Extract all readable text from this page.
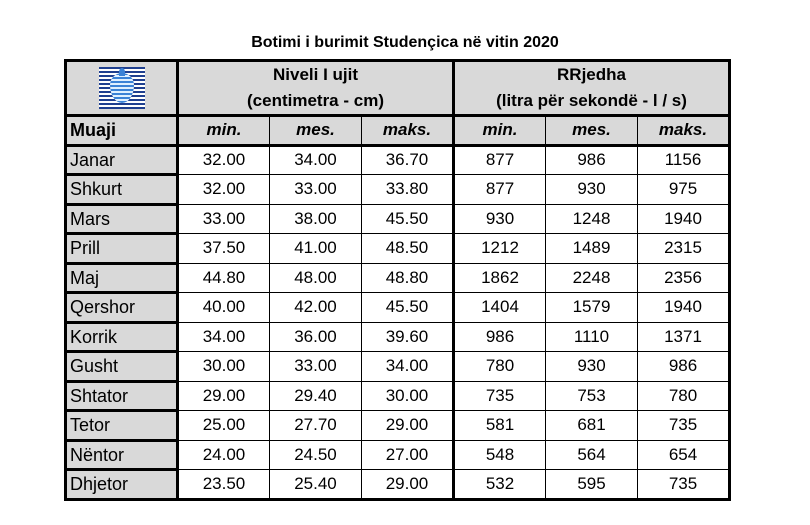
Botimi i burimit Studençica në vitin 2020

Niveli I ujit
(centimetra - cm)

RRjedha
(litra për sekondë - l / s)

Muaji	min.	mes.	maks.	min.	mes.	maks.
Janar	32.00	34.00	36.70	877	986	1156
Shkurt	32.00	33.00	33.80	877	930	975
Mars	33.00	38.00	45.50	930	1248	1940
Prill	37.50	41.00	48.50	1212	1489	2315
Maj	44.80	48.00	48.80	1862	2248	2356
Qershor	40.00	42.00	45.50	1404	1579	1940
Korrik	34.00	36.00	39.60	986	1110	1371
Gusht	30.00	33.00	34.00	780	930	986
Shtator	29.00	29.40	30.00	735	753	780
Tetor	25.00	27.70	29.00	581	681	735
Nëntor	24.00	24.50	27.00	548	564	654
Dhjetor	23.50	25.40	29.00	532	595	735
